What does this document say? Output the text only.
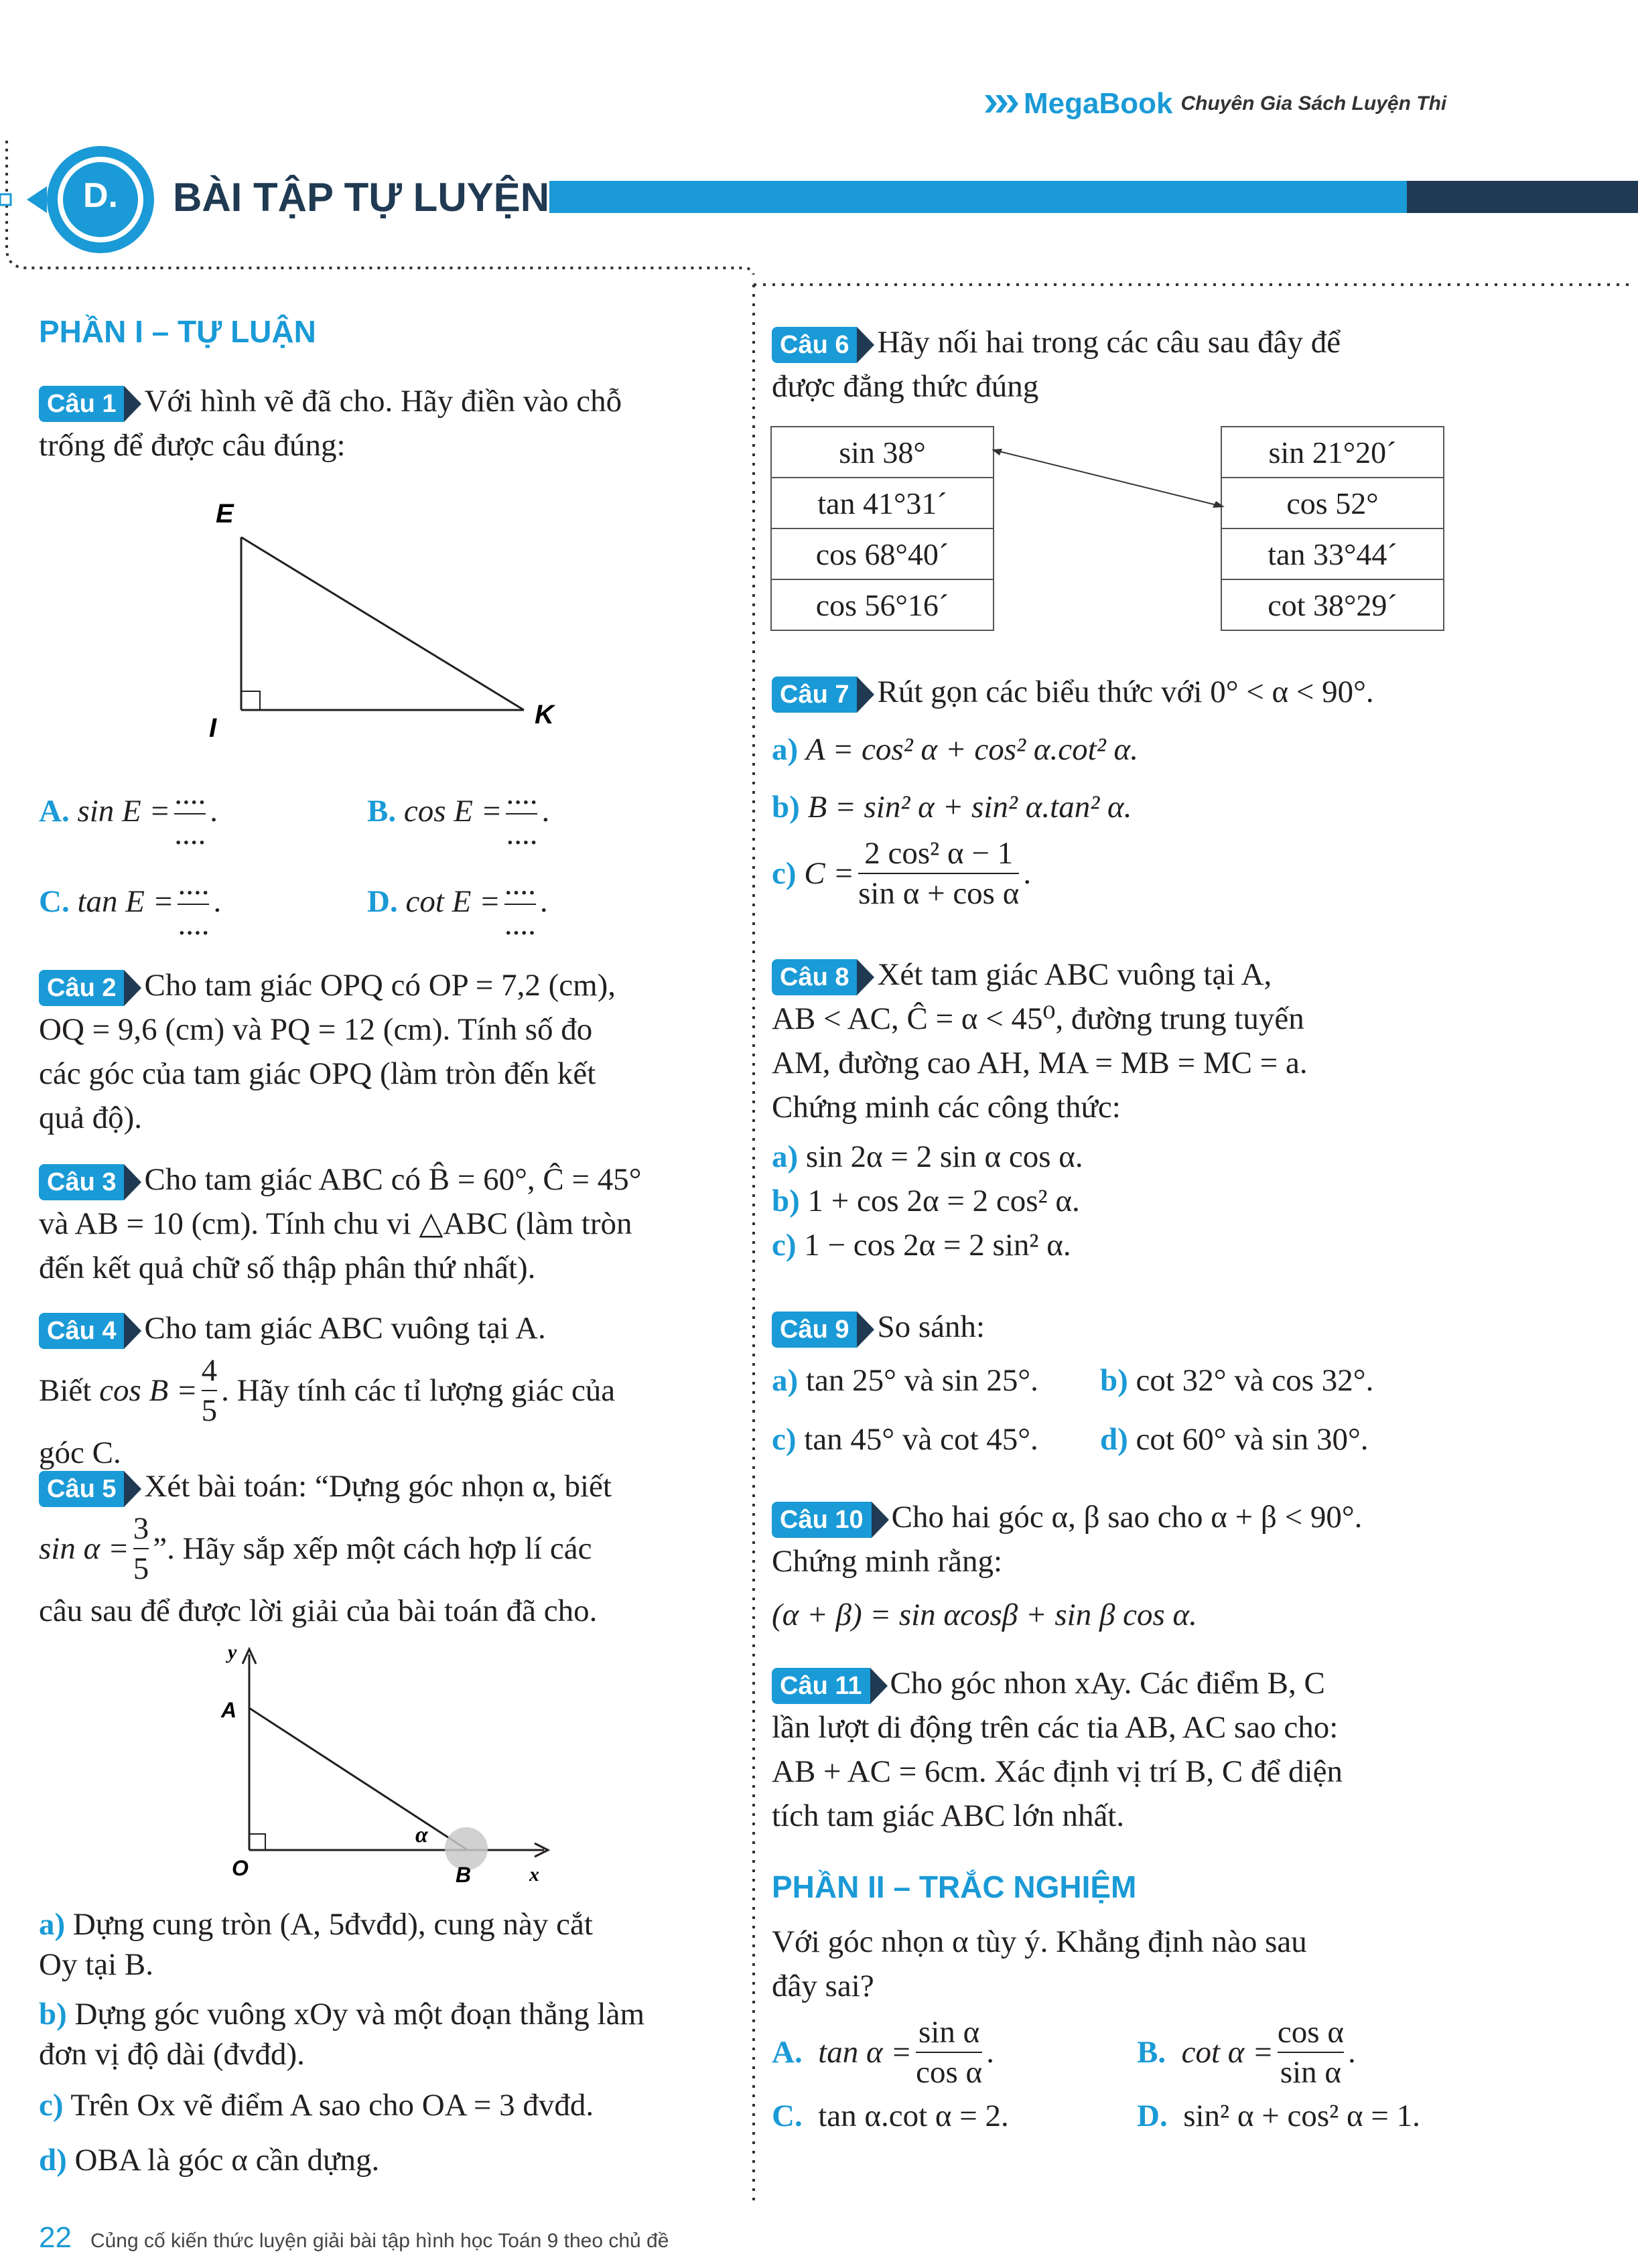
MegaBook Chuyên Gia Sách Luyện Thi
D.	BÀI TẬP TỰ LUYỆN
PHẦN I – TỰ LUẬN
Câu 1 Với hình vẽ đã cho. Hãy điền vào chỗ
trống để được câu đúng:
E
I	K
A. $\sin E = \frac{....}{....}$ .	B. $\cos E = \frac{....}{....}$ .
C. $\tan E = \frac{....}{....}$ .	D. $\cot E = \frac{....}{....}$ .
Câu 2 Cho tam giác OPQ có OP = 7,2 (cm),
OQ = 9,6 (cm) và PQ = 12 (cm). Tính số đo
các góc của tam giác OPQ (làm tròn đến kết
quả độ).
Câu 3 Cho tam giác ABC có B̂ = 60°, Ĉ = 45°
và AB = 10 (cm). Tính chu vi △ABC (làm tròn
đến kết quả chữ số thập phân thứ nhất).
Câu 4 Cho tam giác ABC vuông tại A.
Biết
$\cos B = \frac{4}{5}$ . Hãy tính các tỉ lượng giác của
góc C.
Câu 5 Xét bài toán: “Dựng góc nhọn α, biết
$\sin \alpha = \frac{3}{5}$ ”. Hãy sắp xếp một cách hợp lí các
câu sau để được lời giải của bài toán đã cho.
y
A
O
α
B	x
a) Dựng cung tròn (A, 5đvđd), cung này cắt
Oy tại B.
b) Dựng góc vuông xOy và một đoạn thẳng làm
đơn vị độ dài (đvđd).
c) Trên Ox vẽ điểm A sao cho OA = 3 đvđd.
d) OBA là góc α cần dựng.
Câu 6 Hãy nối hai trong các câu sau đây để
được đẳng thức đúng
sin 38°
tan 41°31´
cos 68°40´
cos 56°16´
sin 21°20´
cos 52°
tan 33°44´
cot 38°29´
Câu 7 Rút gọn các biểu thức với 0° < α < 90°.
a) A = cos² α + cos² α.cot² α.
b) B = sin² α + sin² α.tan² α.
c)
$C = \frac{\text{2 cos² α − 1}}{\text{sin α + cos α}}$ .
Câu 8 Xét tam giác ABC vuông tại A,
AB < AC, Ĉ = α < 45⁰, đường trung tuyến
AM, đường cao AH, MA = MB = MC = a.
Chứng minh các công thức:
a) sin 2α = 2 sin α cos α.
b) 1 + cos 2α = 2 cos² α.
c) 1 − cos 2α = 2 sin² α.
Câu 9 So sánh:
a) tan 25° và sin 25°.	b) cot 32° và cos 32°.
c) tan 45° và cot 45°.	d) cot 60° và sin 30°.
Câu 10 Cho hai góc α, β sao cho α + β < 90°.
Chứng minh rằng:
(α + β) = sin αcosβ + sin β cos α.
Câu 11 Cho góc nhon xAy. Các điểm B, C
lần lượt di động trên các tia AB, AC sao cho:
AB + AC = 6cm. Xác định vị trí B, C để diện
tích tam giác ABC lớn nhất.
PHẦN II – TRẮC NGHIỆM
Với góc nhọn α tùy ý. Khẳng định nào sau
đây sai?
A.
$\tan \alpha = \frac{\text{sin α}}{\text{cos α}}$ .	B.
$\cot \alpha = \frac{\text{cos α}}{\text{sin α}}$ .
C. tan α.cot α = 2.	D. sin² α + cos² α = 1.
22 Củng cố kiến thức luyện giải bài tập hình học Toán 9 theo chủ đề
